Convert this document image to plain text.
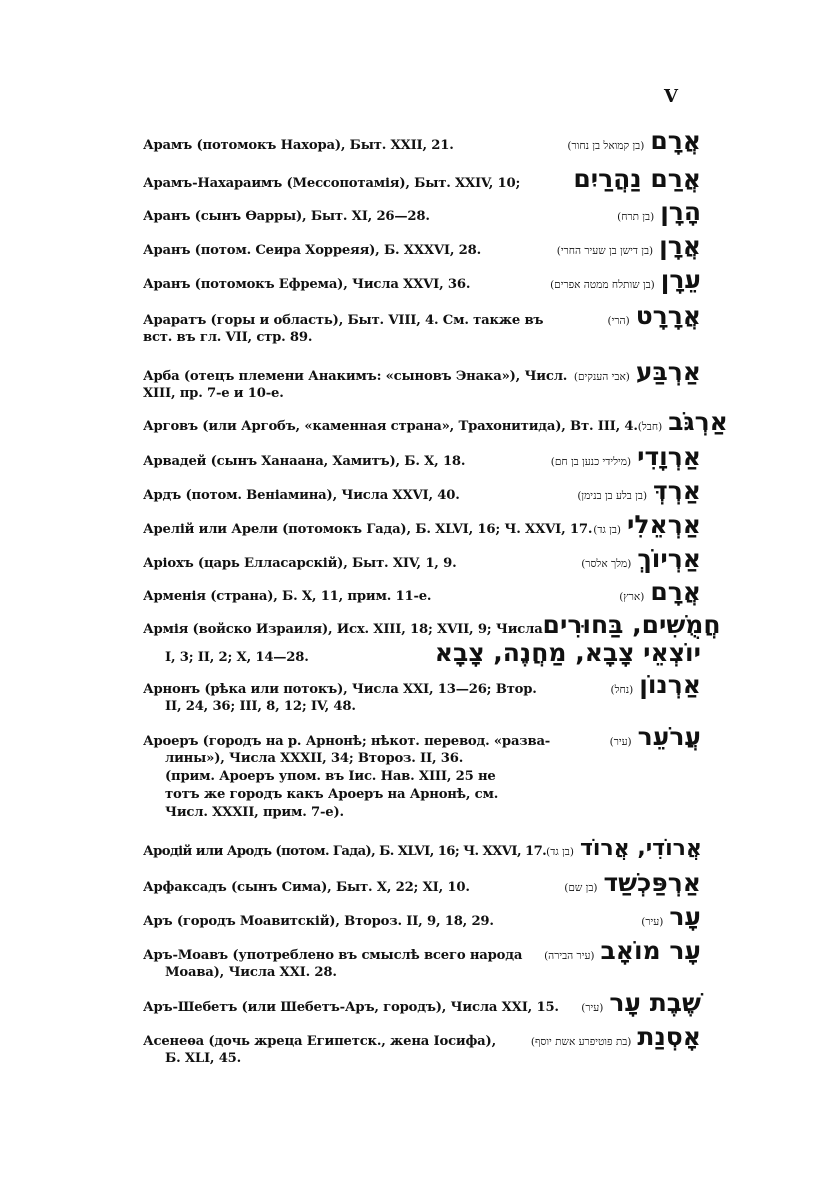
V
Арамъ (потомокъ Нахора), Быт. XXII, 21.	(בן קמואל בן נחור) אֲרָם
Арамъ-Нахараимъ (Мессопотамія), Быт. XXIV, 10; אֲרַם נַהֲרַיִם
Аранъ (сынъ Ѳарры), Быт. XI, 26—28.	(בן תרח) הָרָן
Аранъ (потом. Сеира Хорреяя), Б. XXXVI, 28.	(בן דישן בן שעיר החרי) אֲרָן
Аранъ (потомокъ Ефрема), Числа XXVI, 36.	(בן שותלח ממטה אפרים) עֵרָן
Араратъ (горы и область), Быт. VIII, 4. См. также въ	(הרי) אֲרָרָט
вст. въ гл. VII, стр. 89.
Арба (отецъ племени Анакимъ: «сыновъ Энака»), Числ. (אבי הענקים) אַרְבַּע
XIII, пр. 7-е и 10-е.
Арговъ (или Аргобъ, «каменная страна», Трахонитида), Вт. III, 4. (חבל) אַרְגֹּב
Арвадей (сынъ Ханаана, Хамитъ), Б. X, 18.	(מילידי כנען בן חם) אַרְוָדִי
Ардъ (потом. Веніамина), Числа XXVI, 40.	(בן בלע בן בנימן) אַרְדְּ
Арелій или Арели (потомокъ Гада), Б. XLVI, 16; Ч. XXVI, 17. (בן גד) אַרְאֵלִי
Аріохъ (царь Елласарскій), Быт. XIV, 1, 9.	(מלך אלסר) אַרְיוֹךְ
Арменія (страна), Б. X, 11, прим. 11-е.	(ארץ) אֲרָם
Армія (войско Израиля), Исх. XIII, 18; XVII, 9; Числа חֲמֻשִׁים, בַּחוּרִים
I, 3; II, 2; X, 14—28.	יוֹצְאֵי צָבָא, מַחֲנֶה, צָבָא
Арнонъ (рѣка или потокъ), Числа XXI, 13—26; Втор.	(נחל) אַרְנוֹן
II, 24, 36; III, 8, 12; IV, 48.
Ароеръ (городъ на р. Арнонѣ; нѣкот. перевод. «разва-	(עיר) עֲרֹעֵר
лины»), Числа XXXII, 34; Второз. II, 36.
(прим. Ароеръ упом. въ Іис. Нав. XIII, 25 не
тотъ же городъ какъ Ароеръ на Арнонѣ, см.
Числ. XXXII, прим. 7-е).
Ародій или Ародъ (потом. Гада), Б. XLVI, 16; Ч. XXVI, 17. (בן גד) אֲרוֹדִי, אֲרוֹד
Арфаксадъ (сынъ Сима), Быт. X, 22; XI, 10.	(בן שם) אַרְפַּכְשַׁד
Аръ (городъ Моавитскій), Второз. II, 9, 18, 29.	(עיר) עָר
Аръ-Моавъ (употреблено въ смыслѣ всего народа (עיר הבירה) עָר מוֹאָב
Моава), Числа XXI. 28.
Аръ-Шебетъ (или Шебетъ-Аръ, городъ), Числа XXI, 15. (עיר) שֶׁבֶת עָר
Асенеѳа (дочь жреца Египетск., жена Іосифа),	(בת פוטיפרע אשת יוסף) אָסְנַת
Б. XLI, 45.
